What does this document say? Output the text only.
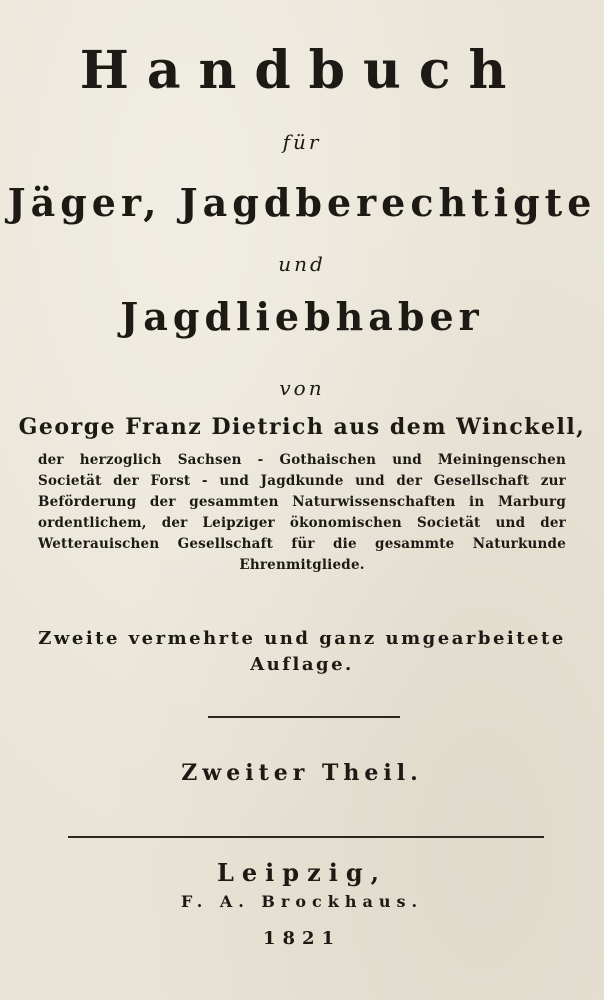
Handbuch
für
Jäger, Jagdberechtigte
und
Jagdliebhaber
von
George Franz Dietrich aus dem Winckell,
der herzoglich Sachsen - Gothaischen und Meiningenschen Societät der Forst - und Jagdkunde und der Gesellschaft zur Beförderung der gesammten Naturwissenschaften in Marburg ordentlichem, der Leipziger ökonomischen Societät und der Wetterauischen Gesellschaft für die gesammte Naturkunde Ehrenmitgliede.
Zweite vermehrte und ganz umgearbeitete
Auflage.
Zweiter Theil.
Leipzig,
F. A. Brockhaus.
1821
